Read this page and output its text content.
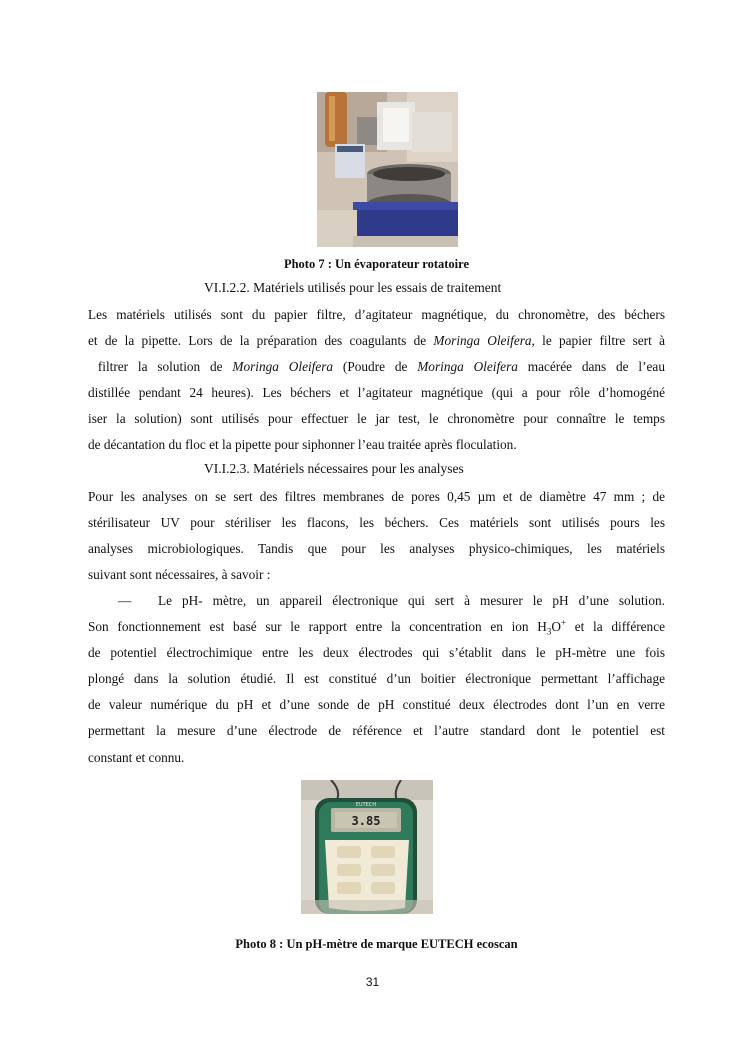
Photo 7 : Un évaporateur rotatoire
VI.I.2.2. Matériels utilisés pour les essais de traitement
Les matériels utilisés sont du papier filtre, d’agitateur magnétique, du chronomètre, des béchers
et de la pipette. Lors de la préparation des coagulants de Moringa Oleifera, le papier filtre sert à
filtrer la solution de Moringa Oleifera (Poudre de Moringa Oleifera macérée dans de l’eau
distillée pendant 24 heures). Les béchers et l’agitateur magnétique (qui a pour rôle d’homogéné
iser la solution) sont utilisés pour effectuer le jar test, le chronomètre pour connaître le temps
de décantation du floc et la pipette pour siphonner l’eau traitée après floculation.
VI.I.2.3. Matériels nécessaires pour les analyses
Pour les analyses on se sert des filtres membranes de pores 0,45 µm et de diamètre 47 mm ; de
stérilisateur UV pour stériliser les flacons, les béchers. Ces matériels sont utilisés pours les
analyses microbiologiques. Tandis que pour les analyses physico-chimiques, les matériels
suivant sont nécessaires, à savoir :
— Le pH- mètre, un appareil électronique qui sert à mesurer le pH d’une solution.
Son fonctionnement est basé sur le rapport entre la concentration en ion $H_3O^+$ et la différence
de potentiel électrochimique entre les deux électrodes qui s’établit dans le pH-mètre une fois
plongé dans la solution étudié. Il est constitué d’un boitier électronique permettant l’affichage
de valeur numérique du pH et d’une sonde de pH constitué deux électrodes dont l’un en verre
permettant la mesure d’une électrode de référence et l’autre standard dont le potentiel est
constant et connu.
3.85
EUTECH
Photo 8 : Un pH-mètre de marque EUTECH ecoscan
31
